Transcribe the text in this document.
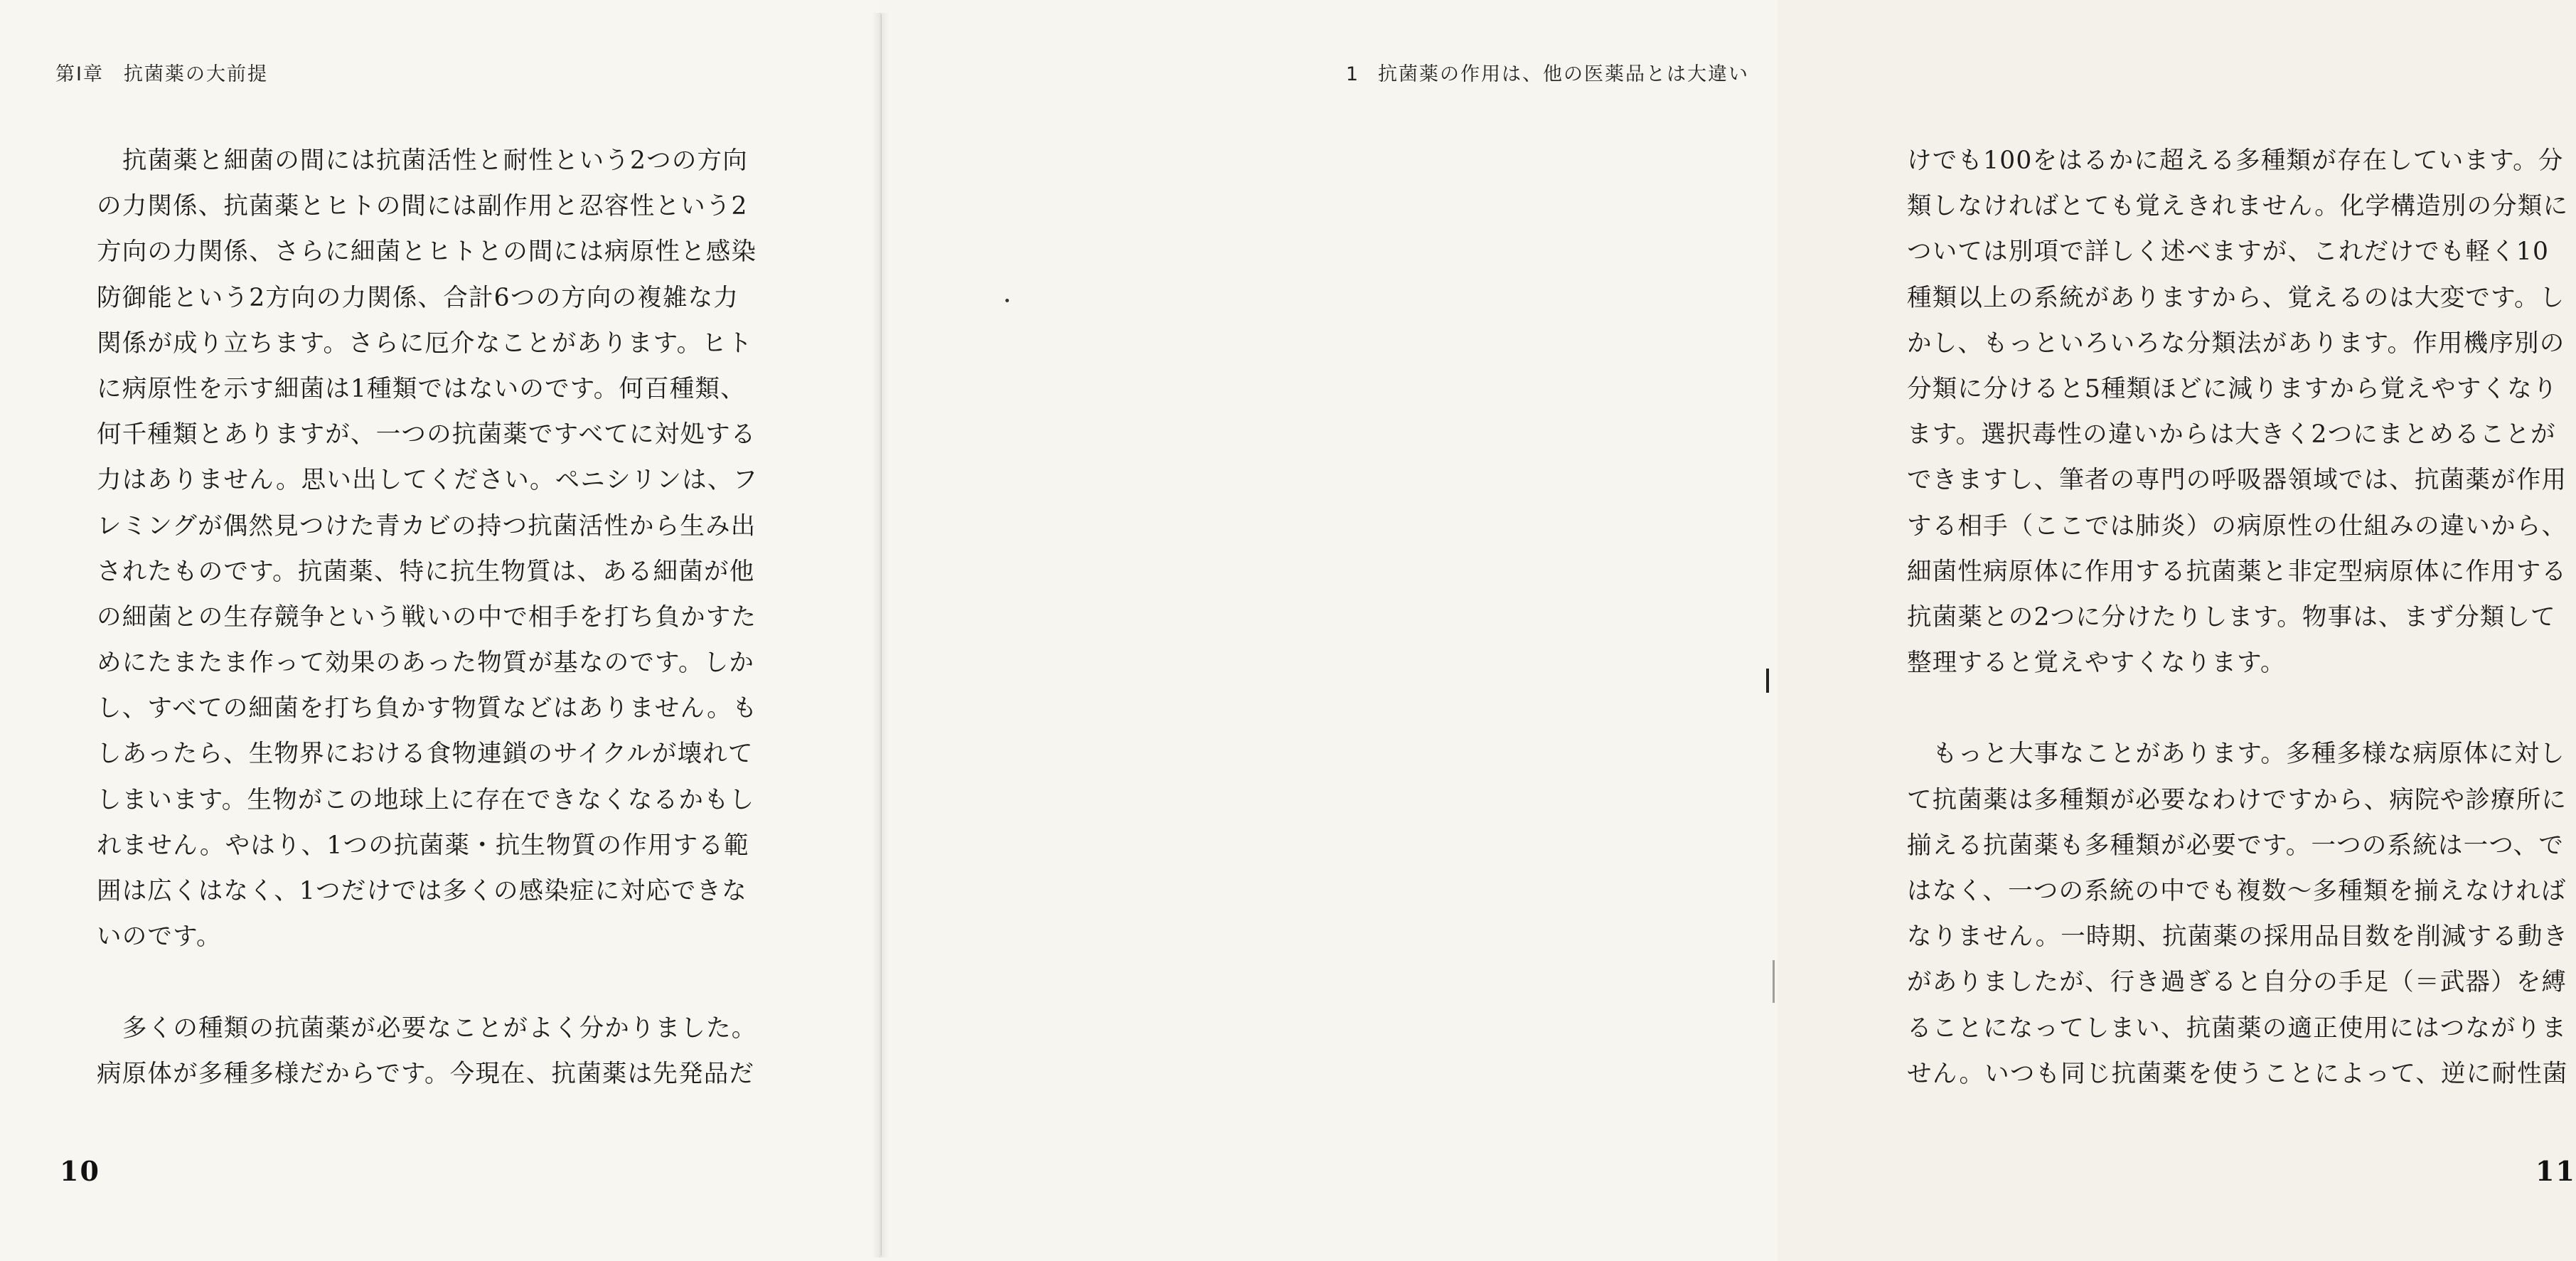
第Ⅰ章 抗菌薬の大前提
抗菌薬と細菌の間には抗菌活性と耐性という2つの方向
の力関係、抗菌薬とヒトの間には副作用と忍容性という2
方向の力関係、さらに細菌とヒトとの間には病原性と感染
防御能という2方向の力関係、合計6つの方向の複雑な力
関係が成り立ちます。さらに厄介なことがあります。ヒト
に病原性を示す細菌は1種類ではないのです。何百種類、
何千種類とありますが、一つの抗菌薬ですべてに対処する
力はありません。思い出してください。ペニシリンは、フ
レミングが偶然見つけた青カビの持つ抗菌活性から生み出
されたものです。抗菌薬、特に抗生物質は、ある細菌が他
の細菌との生存競争という戦いの中で相手を打ち負かすた
めにたまたま作って効果のあった物質が基なのです。しか
し、すべての細菌を打ち負かす物質などはありません。も
しあったら、生物界における食物連鎖のサイクルが壊れて
しまいます。生物がこの地球上に存在できなくなるかもし
れません。やはり、1つの抗菌薬・抗生物質の作用する範
囲は広くはなく、1つだけでは多くの感染症に対応できな
いのです。
多くの種類の抗菌薬が必要なことがよく分かりました。
病原体が多種多様だからです。今現在、抗菌薬は先発品だ
10
1 抗菌薬の作用は、他の医薬品とは大違い
けでも100をはるかに超える多種類が存在しています。分
類しなければとても覚えきれません。化学構造別の分類に
ついては別項で詳しく述べますが、これだけでも軽く10
種類以上の系統がありますから、覚えるのは大変です。し
かし、もっといろいろな分類法があります。作用機序別の
分類に分けると5種類ほどに減りますから覚えやすくなり
ます。選択毒性の違いからは大きく2つにまとめることが
できますし、筆者の専門の呼吸器領域では、抗菌薬が作用
する相手（ここでは肺炎）の病原性の仕組みの違いから、
細菌性病原体に作用する抗菌薬と非定型病原体に作用する
抗菌薬との2つに分けたりします。物事は、まず分類して
整理すると覚えやすくなります。
もっと大事なことがあります。多種多様な病原体に対し
て抗菌薬は多種類が必要なわけですから、病院や診療所に
揃える抗菌薬も多種類が必要です。一つの系統は一つ、で
はなく、一つの系統の中でも複数～多種類を揃えなければ
なりません。一時期、抗菌薬の採用品目数を削減する動き
がありましたが、行き過ぎると自分の手足（＝武器）を縛
ることになってしまい、抗菌薬の適正使用にはつながりま
せん。いつも同じ抗菌薬を使うことによって、逆に耐性菌
11
